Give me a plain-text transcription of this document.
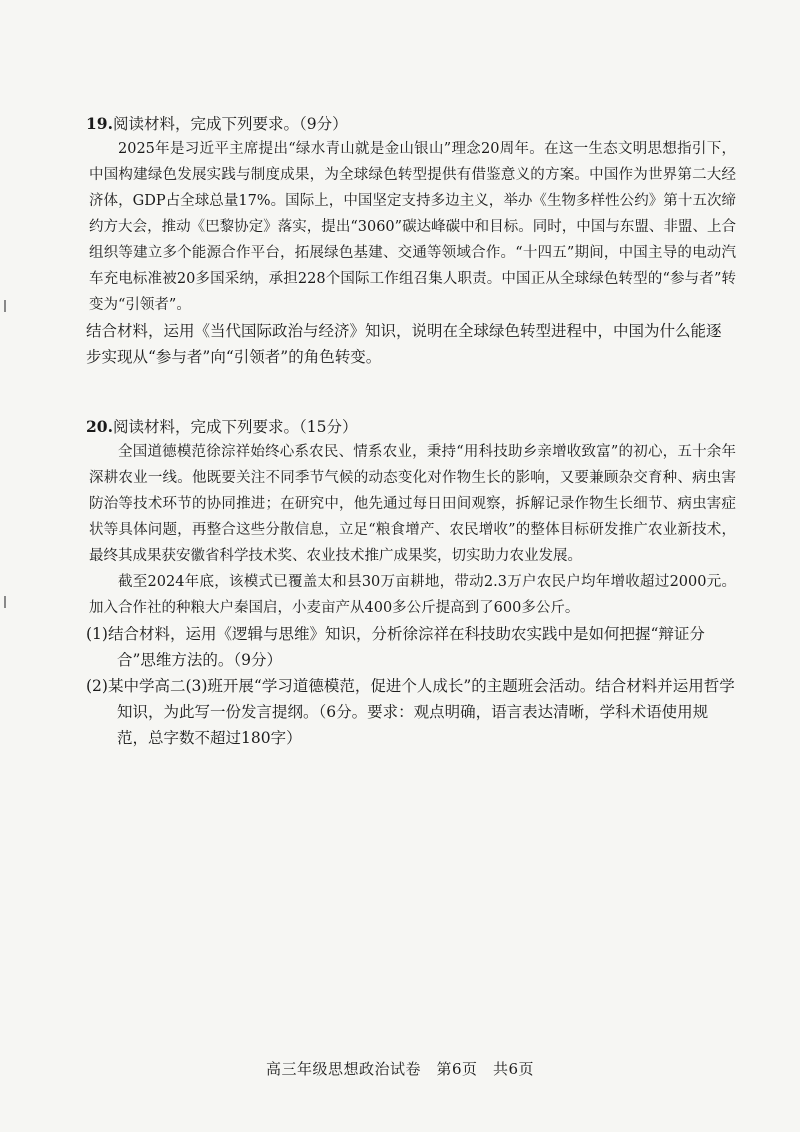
19.阅读材料，完成下列要求。（9分）

2025年是习近平主席提出“绿水青山就是金山银山”理念20周年。在这一生态文明思想指引下，中国构建绿色发展实践与制度成果，为全球绿色转型提供有借鉴意义的方案。中国作为世界第二大经济体，GDP占全球总量17%。国际上，中国坚定支持多边主义，举办《生物多样性公约》第十五次缔约方大会，推动《巴黎协定》落实，提出“3060”碳达峰碳中和目标。同时，中国与东盟、非盟、上合组织等建立多个能源合作平台，拓展绿色基建、交通等领域合作。“十四五”期间，中国主导的电动汽车充电标准被20多国采纳，承担228个国际工作组召集人职责。中国正从全球绿色转型的“参与者”转变为“引领者”。

结合材料，运用《当代国际政治与经济》知识，说明在全球绿色转型进程中，中国为什么能逐步实现从“参与者”向“引领者”的角色转变。

20.阅读材料，完成下列要求。（15分）

全国道德模范徐淙祥始终心系农民、情系农业，秉持“用科技助乡亲增收致富”的初心，五十余年深耕农业一线。他既要关注不同季节气候的动态变化对作物生长的影响，又要兼顾杂交育种、病虫害防治等技术环节的协同推进；在研究中，他先通过每日田间观察，拆解记录作物生长细节、病虫害症状等具体问题，再整合这些分散信息，立足“粮食增产、农民增收”的整体目标研发推广农业新技术，最终其成果获安徽省科学技术奖、农业技术推广成果奖，切实助力农业发展。

截至2024年底，该模式已覆盖太和县30万亩耕地，带动2.3万户农民户均年增收超过2000元。加入合作社的种粮大户秦国启，小麦亩产从400多公斤提高到了600多公斤。

(1)结合材料，运用《逻辑与思维》知识，分析徐淙祥在科技助农实践中是如何把握“辩证分合”思维方法的。（9分）

(2)某中学高二(3)班开展“学习道德模范，促进个人成长”的主题班会活动。结合材料并运用哲学知识，为此写一份发言提纲。（6分。要求：观点明确，语言表达清晰，学科术语使用规范，总字数不超过180字）

高三年级思想政治试卷　第6页　共6页
